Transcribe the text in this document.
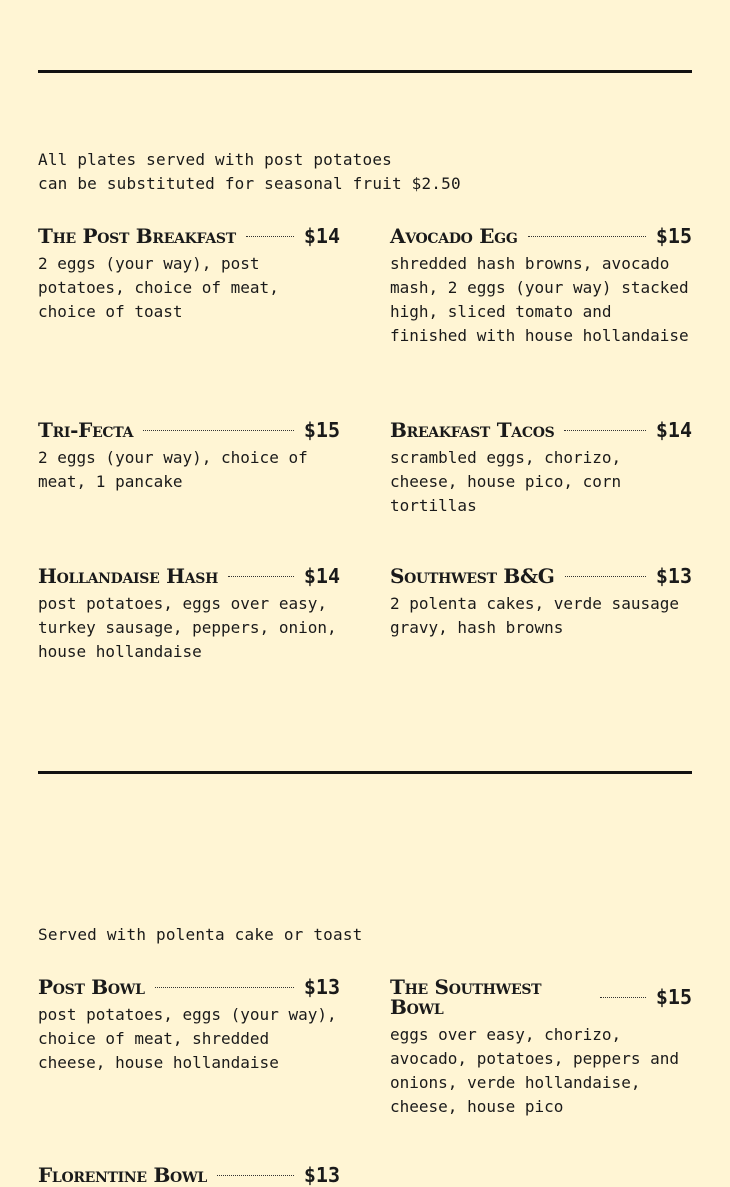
All plates served with post potatoes
can be substituted for seasonal fruit $2.50
The Post Breakfast	$14
2 eggs (your way), post potatoes, choice of meat, choice of toast
Avocado Egg	$15
shredded hash browns, avocado mash, 2 eggs (your way) stacked high, sliced tomato and finished with house hollandaise
Tri-Fecta	$15
2 eggs (your way), choice of meat, 1 pancake
Breakfast Tacos	$14
scrambled eggs, chorizo, cheese, house pico, corn tortillas
Hollandaise Hash	$14
post potatoes, eggs over easy, turkey sausage, peppers, onion, house hollandaise
Southwest B&G	$13
2 polenta cakes, verde sausage gravy, hash browns
Served with polenta cake or toast
Post Bowl	$13
post potatoes, eggs (your way), choice of meat, shredded cheese, house hollandaise
The Southwest Bowl	$15
eggs over easy, chorizo, avocado, potatoes, peppers and onions, verde hollandaise, cheese, house pico
Florentine Bowl	$13
